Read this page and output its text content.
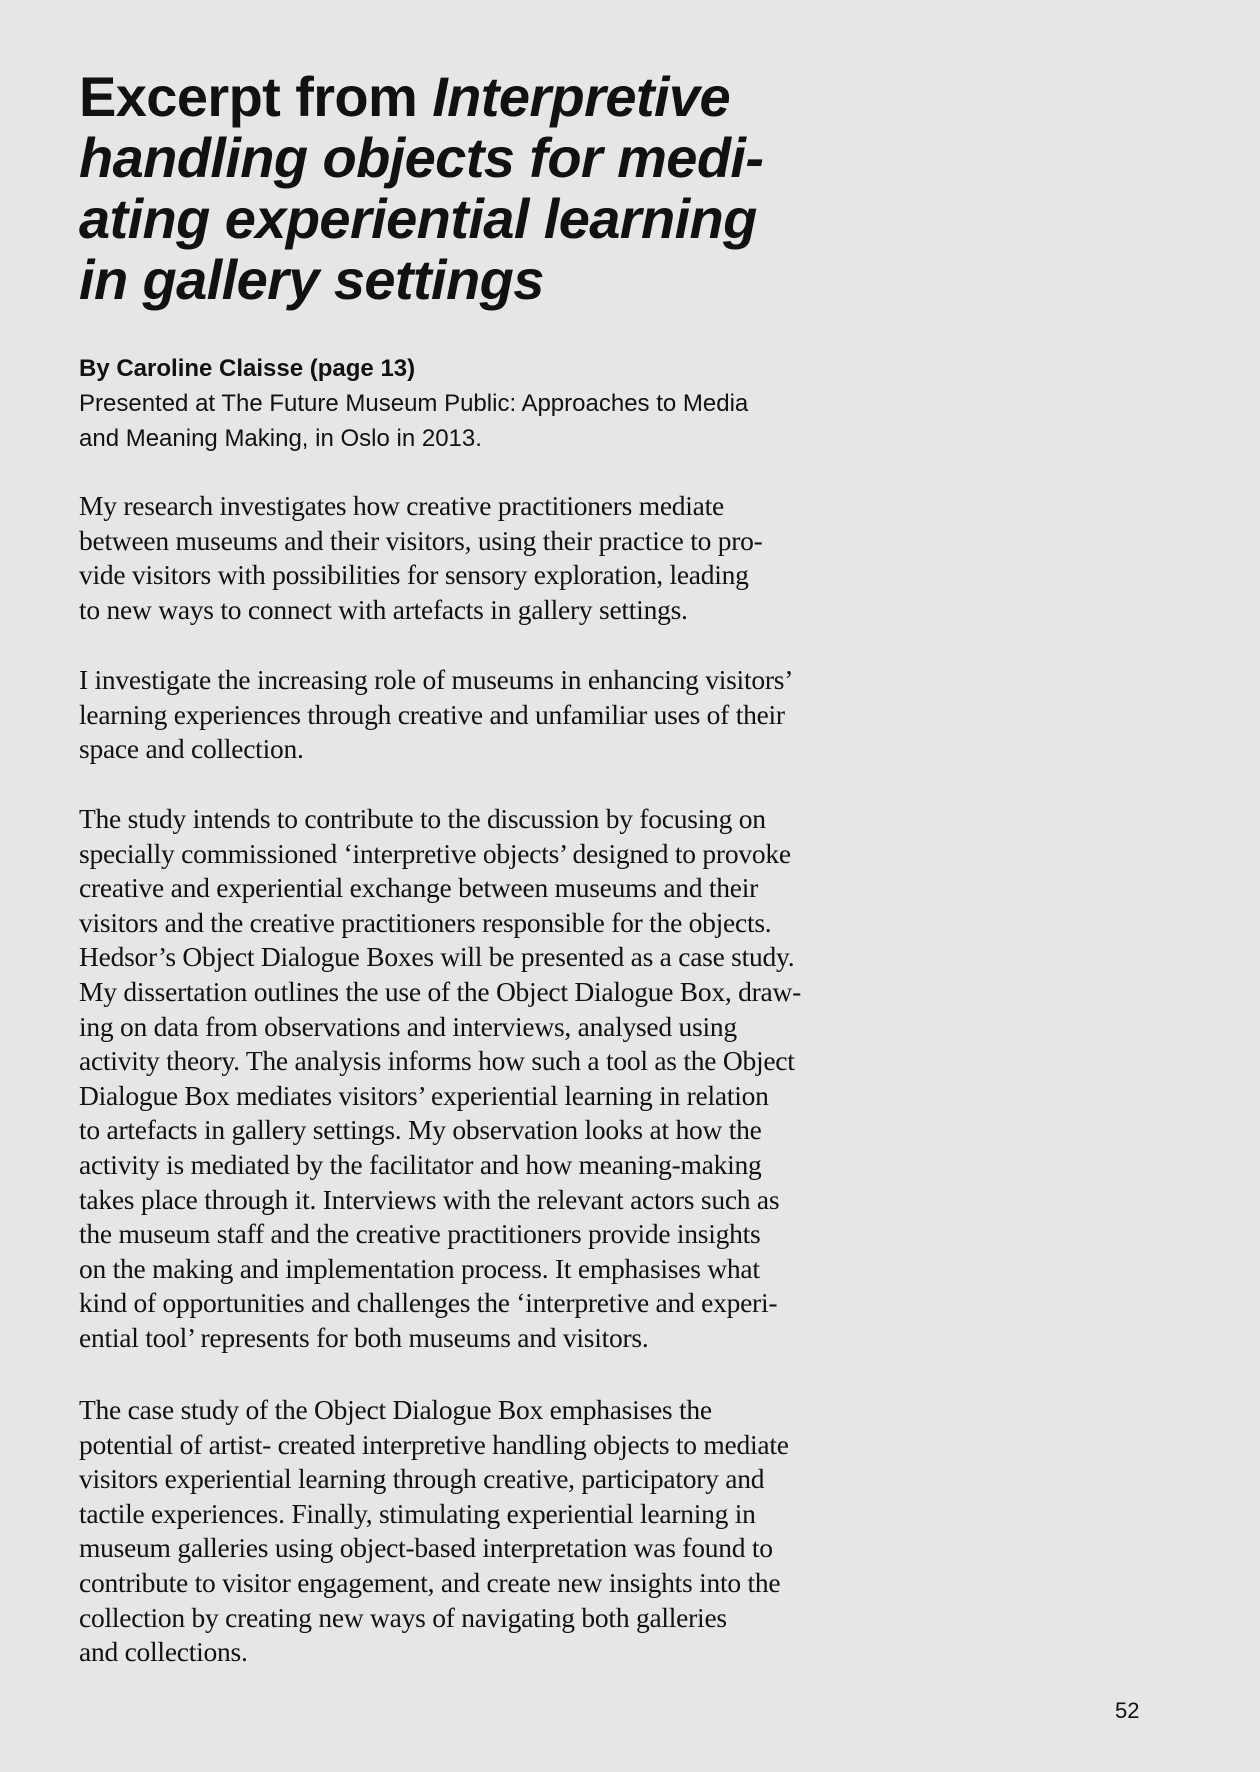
Excerpt from Interpretive
handling objects for medi-
ating experiential learning
in gallery settings

By Caroline Claisse (page 13)

Presented at The Future Museum Public: Approaches to Media
and Meaning Making, in Oslo in 2013.

My research investigates how creative practitioners mediate
between museums and their visitors, using their practice to pro-
vide visitors with possibilities for sensory exploration, leading
to new ways to connect with artefacts in gallery settings.

I investigate the increasing role of museums in enhancing visitors’
learning experiences through creative and unfamiliar uses of their
space and collection.

The study intends to contribute to the discussion by focusing on
specially commissioned ‘interpretive objects’ designed to provoke
creative and experiential exchange between museums and their
visitors and the creative practitioners responsible for the objects.
Hedsor’s Object Dialogue Boxes will be presented as a case study.
My dissertation outlines the use of the Object Dialogue Box, draw-
ing on data from observations and interviews, analysed using
activity theory. The analysis informs how such a tool as the Object
Dialogue Box mediates visitors’ experiential learning in relation
to artefacts in gallery settings. My observation looks at how the
activity is mediated by the facilitator and how meaning-making
takes place through it. Interviews with the relevant actors such as
the museum staff and the creative practitioners provide insights
on the making and implementation process. It emphasises what
kind of opportunities and challenges the ‘interpretive and experi-
ential tool’ represents for both museums and visitors.

The case study of the Object Dialogue Box emphasises the
potential of artist- created interpretive handling objects to mediate
visitors experiential learning through creative, participatory and
tactile experiences. Finally, stimulating experiential learning in
museum galleries using object-based interpretation was found to
contribute to visitor engagement, and create new insights into the
collection by creating new ways of navigating both galleries
and collections.

52
